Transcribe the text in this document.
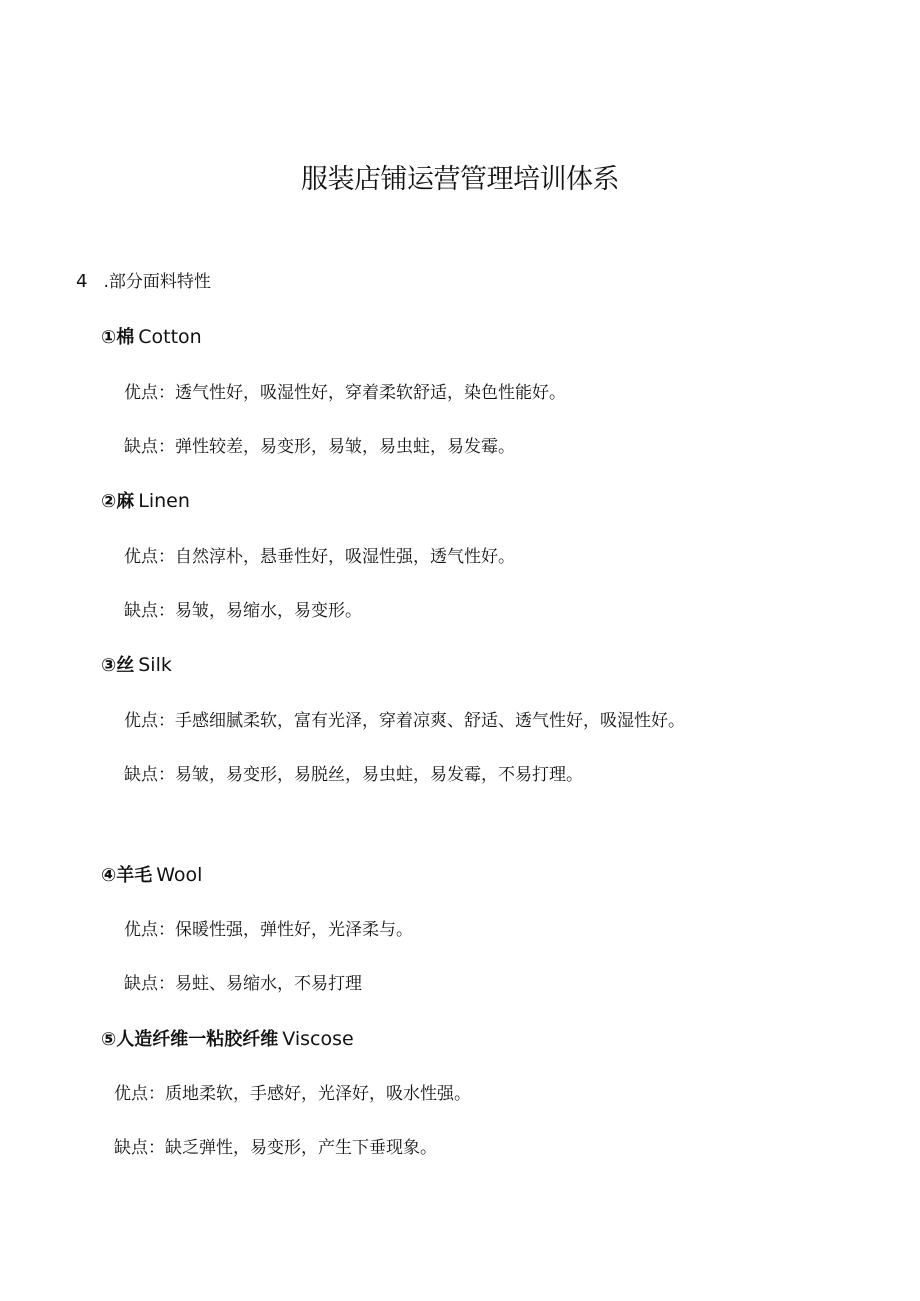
服装店铺运营管理培训体系
4 .部分面料特性
①棉 Cotton
优点：透气性好，吸湿性好，穿着柔软舒适，染色性能好。
缺点：弹性较差，易变形，易皱，易虫蛀，易发霉。
②麻 Linen
优点：自然淳朴，悬垂性好，吸湿性强，透气性好。
缺点：易皱，易缩水，易变形。
③丝 Silk
优点：手感细腻柔软，富有光泽，穿着凉爽、舒适、透气性好，吸湿性好。
缺点：易皱，易变形，易脱丝，易虫蛀，易发霉，不易打理。
④羊毛 Wool
优点：保暖性强，弹性好，光泽柔与。
缺点：易蛀、易缩水，不易打理
⑤人造纤维一粘胶纤维 Viscose
优点：质地柔软，手感好，光泽好，吸水性强。
缺点：缺乏弹性，易变形，产生下垂现象。
